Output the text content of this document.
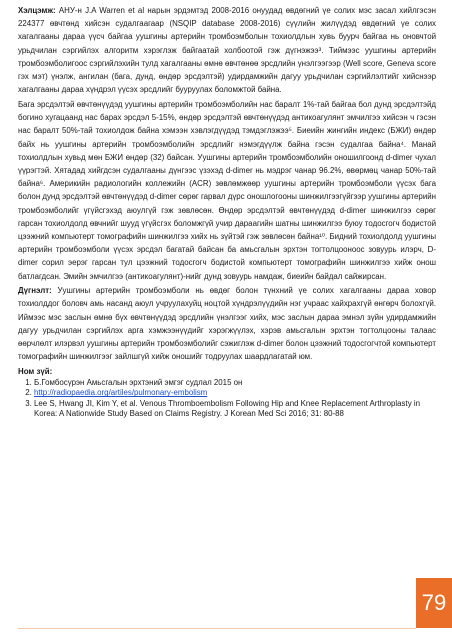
Хэлцэмж: АНУ-н J.A Warren et al нарын эрдэмтэд 2008-2016 онуудад өвдөгний үе солих мэс засал хийлгэсэн 224377 өвчтөнд хийсэн судалгаагаар (NSQIP database 2008-2016) сүүлийн жилүүдэд өвдөгний үе солих хагалгааны дараа үүсч байгаа уушгины артерийн тромбоэмболын тохиолдлын хувь буурч байгаа нь оновчтой урьдчилан сэргийлэх алгоритм хэрэглэж байгаатай холбоотой гэж дүгнэжээ³. Тиймээс уушгины артерийн тромбоэмболигоос сэргийлэхийн тулд хагалгааны өмнө өвчтөнөө эрсдлийн үнэлгээгээр (Well score, Geneva score гэх мэт) үнэлж, ангилан (бага, дунд, өндөр эрсдэлтэй) удирдамжийн дагуу урьдчилан сэргийлэлтийг хийснээр хагалгааны дараа хүндрэл үүсэх эрсдлийг бууруулах боломжтой байна.

Бага эрсдэлтэй өвчтөнүүдэд уушгины артерийн тромбоэмболийн нас баралт 1%-тай байгаа бол дунд эрсдэлтэйд богино хугацаанд нас барах эрсдэл 5-15%, өндөр эрсдэлтэй өвчтөнүүдэд антикоагулянт эмчилгээ хийсэн ч гэсэн нас баралт 50%-тай тохиолдож байна хэмээн хэвлэгдүүдэд тэмдэглэжээ⁵. Биеийн жингийн индекс (БЖИ) өндөр байх нь уушгины артерийн тромбоэмболийн эрсдлийг нэмэгдүүлж байна гэсэн судалгаа байна⁴. Манай тохиолдлын хувьд мөн БЖИ өндөр (32) байсан. Уушгины артерийн тромбоэмболийн оношилгоонд d-dimer чухал үүрэгтэй. Хятадад хийгдсэн судалгааны дүнгээс үзэхэд d-dimer нь мэдрэг чанар 96.2%, өвөрмөц чанар 50%-тай байна⁶. Америкийн радиологийн коллежийн (ACR) зөвлөмжөөр уушгины артерийн тромбоэмболи үүсэх бага болон дунд эрсдэлтэй өвчтөнүүдэд d-dimer сөрөг гарвал дүрс оношлогооны шинжилгээгүйгээр уушгины артерийн тромбоэмболийг үгүйсгэхэд аюулгүй гэж зөвлөсөн. Өндөр эрсдэлтэй өвчтөнүүдэд d-dimer шинжилгээ сөрөг гарсан тохиолдолд өвчнийг шууд үгүйсгэх боломжгүй учир дараагийн шатны шинжилгээ буюу тодосгогч бодистой цээжний компьютерт томографийн шинжилгээ хийх нь зүйтэй гэж зөвлөсөн байна¹⁰. Бидний тохиолдолд уушгины артерийн тромбоэмболи үүсэх эрсдэл багатай байсан ба амьсгалын эрхтэн тогтолцооноос зовуурь илэрч, D-dimer сорил эерэг гарсан тул цээжний тодосгогч бодистой компьютерт томографийн шинжилгээ хийж онош батлагдсан. Эмийн эмчилгээ (антикоагулянт)-нийг дунд зовуурь намдаж, биеийн байдал сайжирсан.

Дүгнэлт: Уушгины артерийн тромбоэмболи нь өвдөг болон түнхний үе солих хагалгааны дараа ховор тохиолддог боловч амь насанд аюул учруулахуйц ноцтой хүндрэлүүдийн нэг учраас хайхрахгүй өнгөрч болохгүй. Иймээс мэс заслын өмнө бүх өвчтөнүүдэд эрсдлийн үнэлгээг хийх, мэс заслын дараа эмнэл зүйн удирдамжийн дагуу урьдчилан сэргийлэх арга хэмжээнүүдийг хэрэгжүүлэх, хэрэв амьсгалын эрхтэн тогтолцооны талаас өөрчлөлт илэрвэл уушгины артерийн тромбоэмболийг сэжиглэж d-dimer болон цээжний тодосгогчтой компьютерт томографийн шинжилгээг зайлшгүй хийж оношийг тодруулах шаардлагатай юм.

Ном зүй:

1. Б.Гомбосүрэн Амьсгалын эрхтэний эмгэг судлал 2015 он
2. http://radiopaedia.org/artiles/pulmonary-embolism
3. Lee S, Hwang JI, Kim Y, et al. Venous Thromboembolism Following Hip and Knee Replacement Arthroplasty in Korea: A Nationwide Study Based on Claims Registry. J Korean Med Sci 2016; 31: 80-88
79
